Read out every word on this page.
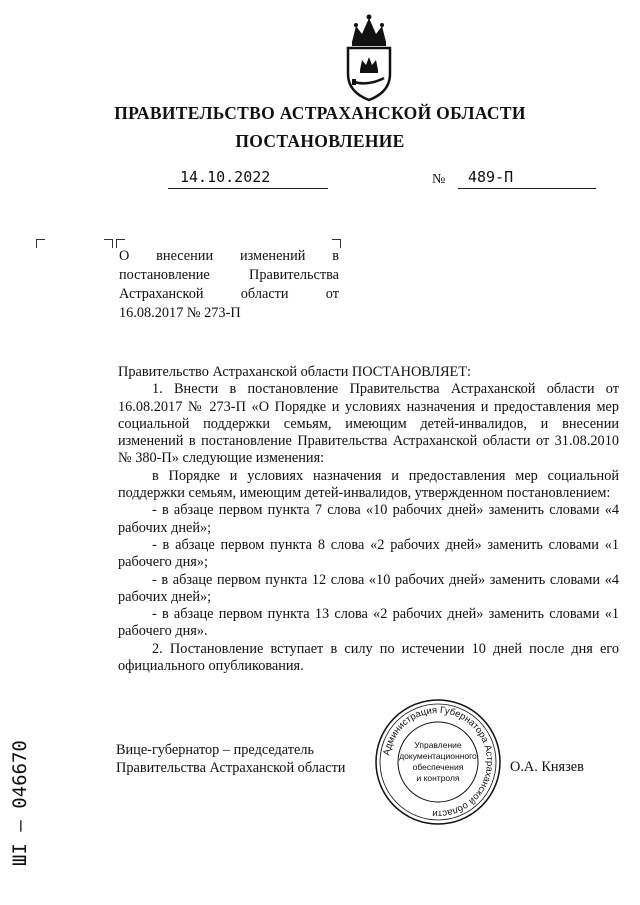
ПРАВИТЕЛЬСТВО АСТРАХАНСКОЙ ОБЛАСТИ
ПОСТАНОВЛЕНИЕ
14.10.2022	№	489-П
О внесении изменений в постановление Правительства Астраханской области от 16.08.2017 № 273-П

Правительство Астраханской области ПОСТАНОВЛЯЕТ:

1. Внести в постановление Правительства Астраханской области от 16.08.2017 № 273-П «О Порядке и условиях назначения и предоставления мер социальной поддержки семьям, имеющим детей-инвалидов, и внесении изменений в постановление Правительства Астраханской области от 31.08.2010 № 380-П» следующие изменения:

в Порядке и условиях назначения и предоставления мер социальной поддержки семьям, имеющим детей-инвалидов, утвержденном постановлением:

- в абзаце первом пункта 7 слова «10 рабочих дней» заменить словами «4 рабочих дней»;

- в абзаце первом пункта 8 слова «2 рабочих дней» заменить словами «1 рабочего дня»;

- в абзаце первом пункта 12 слова «10 рабочих дней» заменить словами «4 рабочих дней»;

- в абзаце первом пункта 13 слова «2 рабочих дней» заменить словами «1 рабочего дня».

2. Постановление вступает в силу по истечении 10 дней после дня его официального опубликования.

Вице-губернатор – председатель
Правительства Астраханской области	О.А. Князев
Администрация Губернатора Астраханской области
Управление
документационного
обеспечения
и контроля
ШI – 046670
